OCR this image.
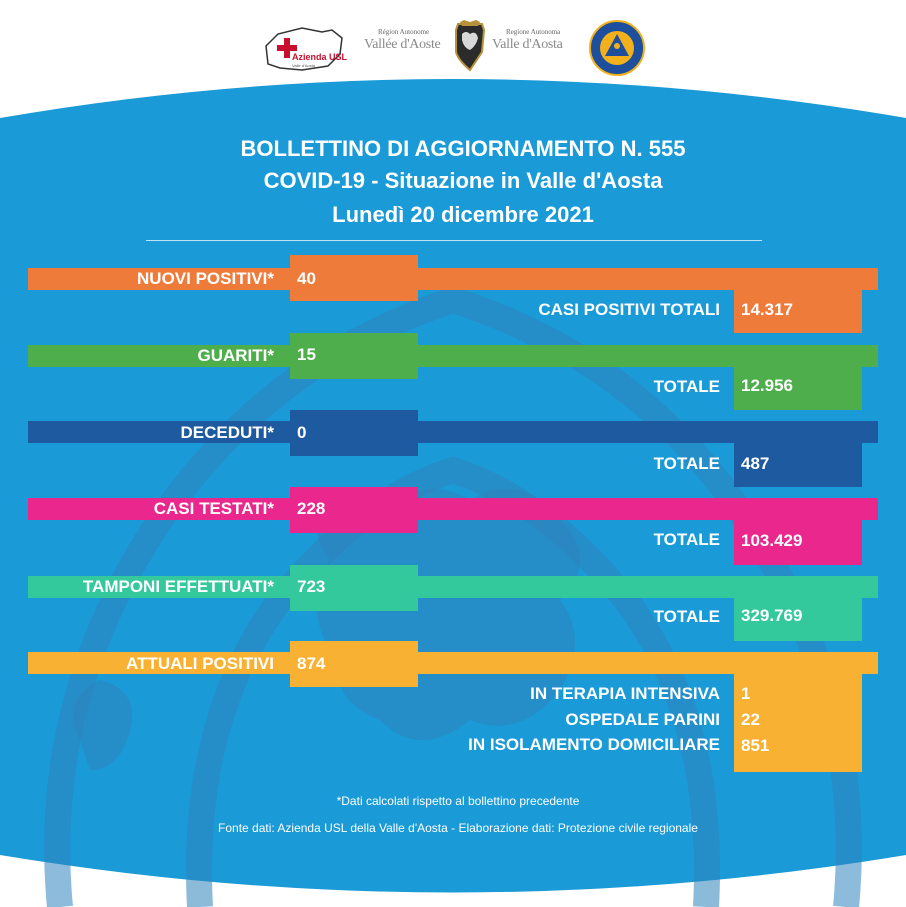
Azienda USL
Valle d'Aosta
Région Autonome
Vallée d'Aoste
Regione Autonoma
Valle d'Aosta
BOLLETTINO DI AGGIORNAMENTO N. 555
COVID-19 - Situazione in Valle d'Aosta
Lunedì 20 dicembre 2021
NUOVI POSITIVI* 40
CASI POSITIVI TOTALI 14.317
GUARITI* 15
TOTALE 12.956
DECEDUTI* 0
TOTALE 487
CASI TESTATI* 228
TOTALE 103.429
TAMPONI EFFETTUATI* 723
TOTALE 329.769
ATTUALI POSITIVI 874
IN TERAPIA INTENSIVA 1
OSPEDALE PARINI 22
IN ISOLAMENTO DOMICILIARE 851
*Dati calcolati rispetto al bollettino precedente
Fonte dati: Azienda USL della Valle d'Aosta - Elaborazione dati: Protezione civile regionale
